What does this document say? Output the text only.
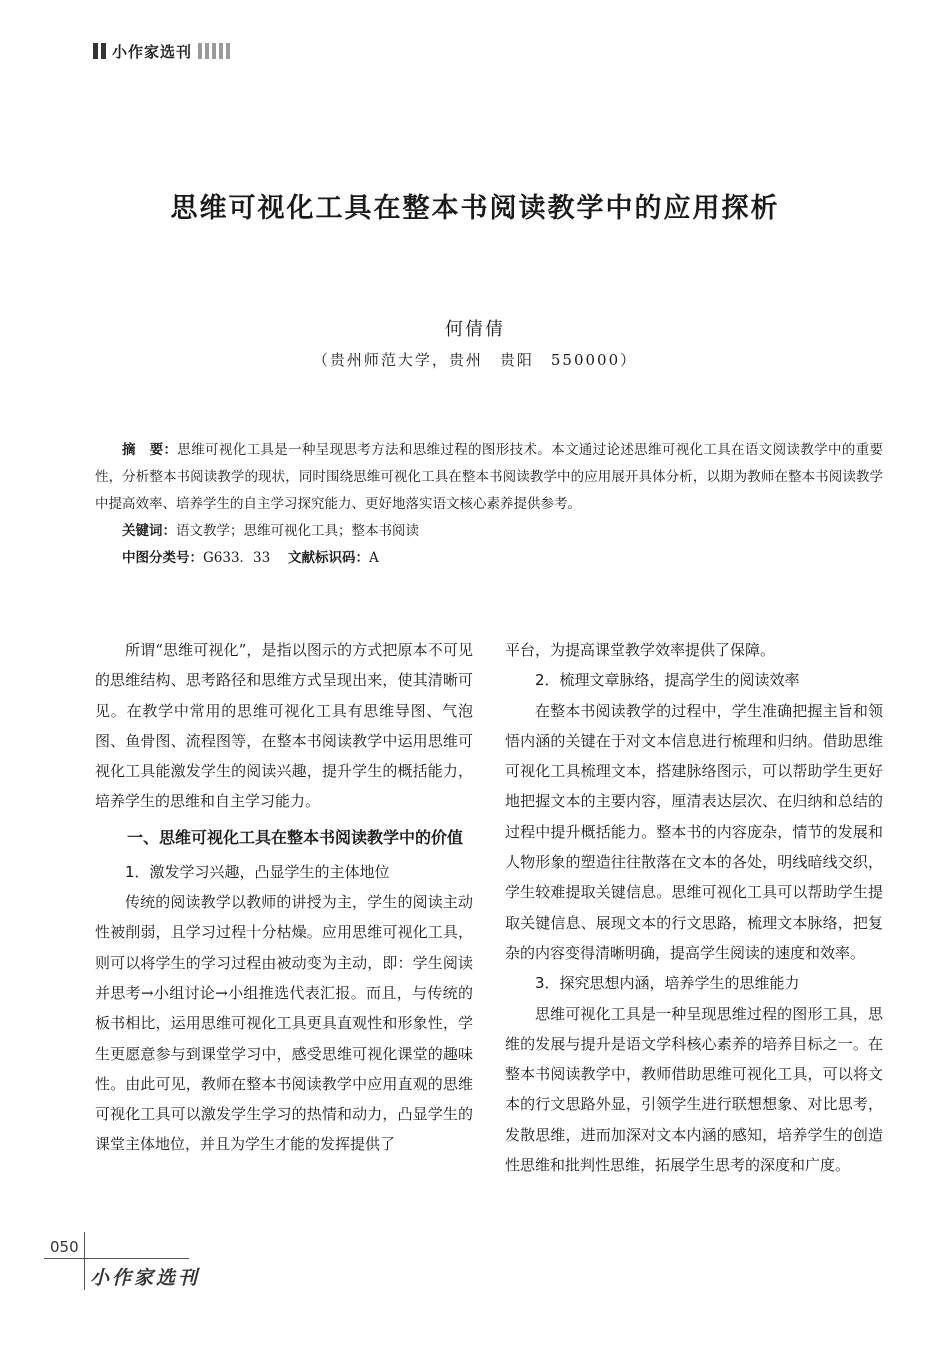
小作家选刊
思维可视化工具在整本书阅读教学中的应用探析
何倩倩
（贵州师范大学，贵州　贵阳　550000）

摘　要：思维可视化工具是一种呈现思考方法和思维过程的图形技术。本文通过论述思维可视化工具在语文阅读教学中的重要性，分析整本书阅读教学的现状，同时围绕思维可视化工具在整本书阅读教学中的应用展开具体分析，以期为教师在整本书阅读教学中提高效率、培养学生的自主学习探究能力、更好地落实语文核心素养提供参考。

关键词：语文教学；思维可视化工具；整本书阅读

中图分类号：G633．33　 文献标识码：A

所谓“思维可视化”，是指以图示的方式把原本不可见的思维结构、思考路径和思维方式呈现出来，使其清晰可见。在教学中常用的思维可视化工具有思维导图、气泡图、鱼骨图、流程图等，在整本书阅读教学中运用思维可视化工具能激发学生的阅读兴趣，提升学生的概括能力，培养学生的思维和自主学习能力。

一、思维可视化工具在整本书阅读教学中的价值
1．激发学习兴趣，凸显学生的主体地位

传统的阅读教学以教师的讲授为主，学生的阅读主动性被削弱，且学习过程十分枯燥。应用思维可视化工具，则可以将学生的学习过程由被动变为主动，即：学生阅读并思考→小组讨论→小组推选代表汇报。而且，与传统的板书相比，运用思维可视化工具更具直观性和形象性，学生更愿意参与到课堂学习中，感受思维可视化课堂的趣味性。由此可见，教师在整本书阅读教学中应用直观的思维可视化工具可以激发学生学习的热情和动力，凸显学生的课堂主体地位，并且为学生才能的发挥提供了

平台，为提高课堂教学效率提供了保障。

2．梳理文章脉络，提高学生的阅读效率

在整本书阅读教学的过程中，学生准确把握主旨和领悟内涵的关键在于对文本信息进行梳理和归纳。借助思维可视化工具梳理文本，搭建脉络图示，可以帮助学生更好地把握文本的主要内容，厘清表达层次、在归纳和总结的过程中提升概括能力。整本书的内容庞杂，情节的发展和人物形象的塑造往往散落在文本的各处，明线暗线交织，学生较难提取关键信息。思维可视化工具可以帮助学生提取关键信息、展现文本的行文思路，梳理文本脉络，把复杂的内容变得清晰明确，提高学生阅读的速度和效率。

3．探究思想内涵，培养学生的思维能力

思维可视化工具是一种呈现思维过程的图形工具，思维的发展与提升是语文学科核心素养的培养目标之一。在整本书阅读教学中，教师借助思维可视化工具，可以将文本的行文思路外显，引领学生进行联想想象、对比思考，发散思维，进而加深对文本内涵的感知，培养学生的创造性思维和批判性思维，拓展学生思考的深度和广度。

050
小作家选刊
